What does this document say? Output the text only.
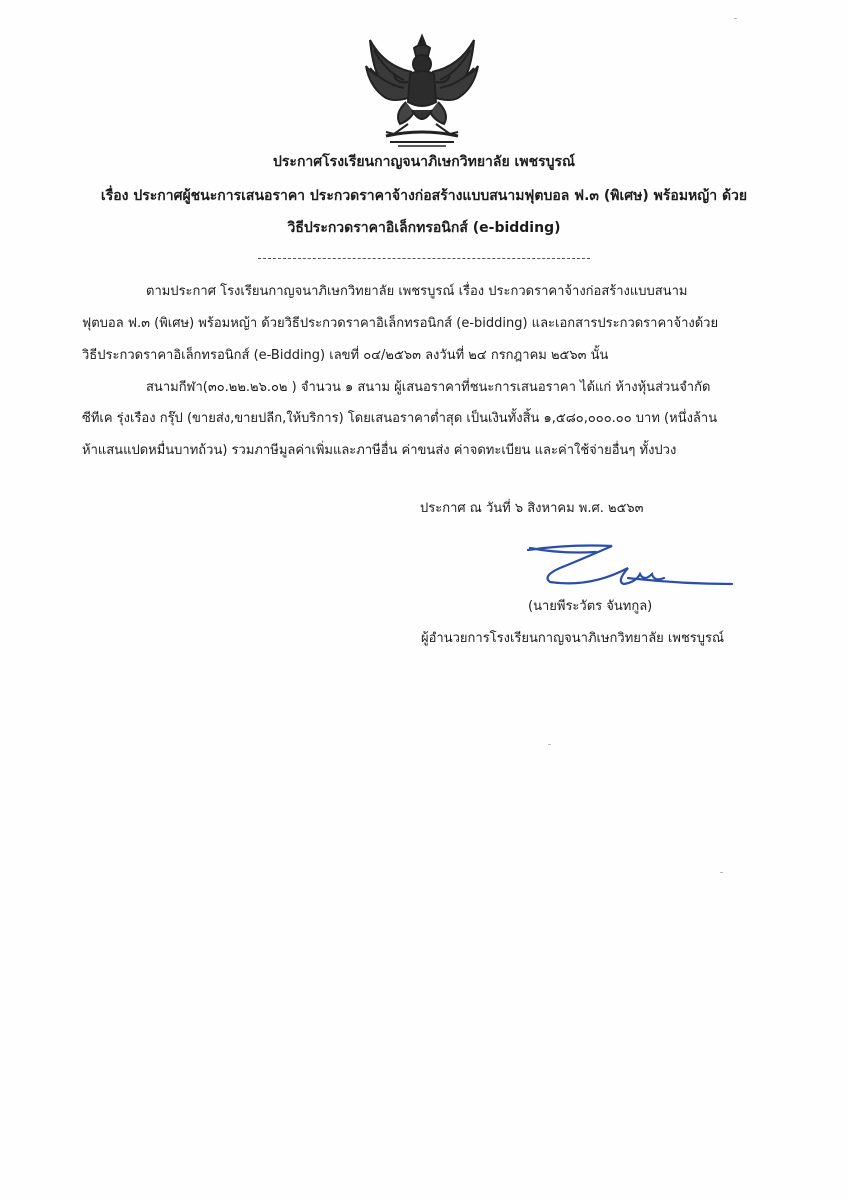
ประกาศโรงเรียนกาญจนาภิเษกวิทยาลัย เพชรบูรณ์
เรื่อง ประกาศผู้ชนะการเสนอราคา ประกวดราคาจ้างก่อสร้างแบบสนามฟุตบอล ฟ.๓ (พิเศษ) พร้อมหญ้า ด้วย
วิธีประกวดราคาอิเล็กทรอนิกส์ (e-bidding)
ตามประกาศ โรงเรียนกาญจนาภิเษกวิทยาลัย เพชรบูรณ์ เรื่อง ประกวดราคาจ้างก่อสร้างแบบสนาม
ฟุตบอล ฟ.๓ (พิเศษ) พร้อมหญ้า ด้วยวิธีประกวดราคาอิเล็กทรอนิกส์ (e-bidding) และเอกสารประกวดราคาจ้างด้วย
วิธีประกวดราคาอิเล็กทรอนิกส์ (e-Bidding) เลขที่ ๐๔/๒๕๖๓ ลงวันที่ ๒๔ กรกฎาคม ๒๕๖๓ นั้น
สนามกีฬา(๓๐.๒๒.๒๖.๐๒ ) จำนวน ๑ สนาม ผู้เสนอราคาที่ชนะการเสนอราคา ได้แก่ ห้างหุ้นส่วนจำกัด
ซีทีเค รุ่งเรือง กรุ๊ป (ขายส่ง,ขายปลีก,ให้บริการ) โดยเสนอราคาต่ำสุด เป็นเงินทั้งสิ้น ๑,๕๘๐,๐๐๐.๐๐ บาท (หนึ่งล้าน
ห้าแสนแปดหมื่นบาทถ้วน) รวมภาษีมูลค่าเพิ่มและภาษีอื่น ค่าขนส่ง ค่าจดทะเบียน และค่าใช้จ่ายอื่นๆ ทั้งปวง
ประกาศ ณ วันที่ ๖ สิงหาคม พ.ศ. ๒๕๖๓
(นายพีระวัตร จันทกูล)
ผู้อำนวยการโรงเรียนกาญจนาภิเษกวิทยาลัย เพชรบูรณ์
